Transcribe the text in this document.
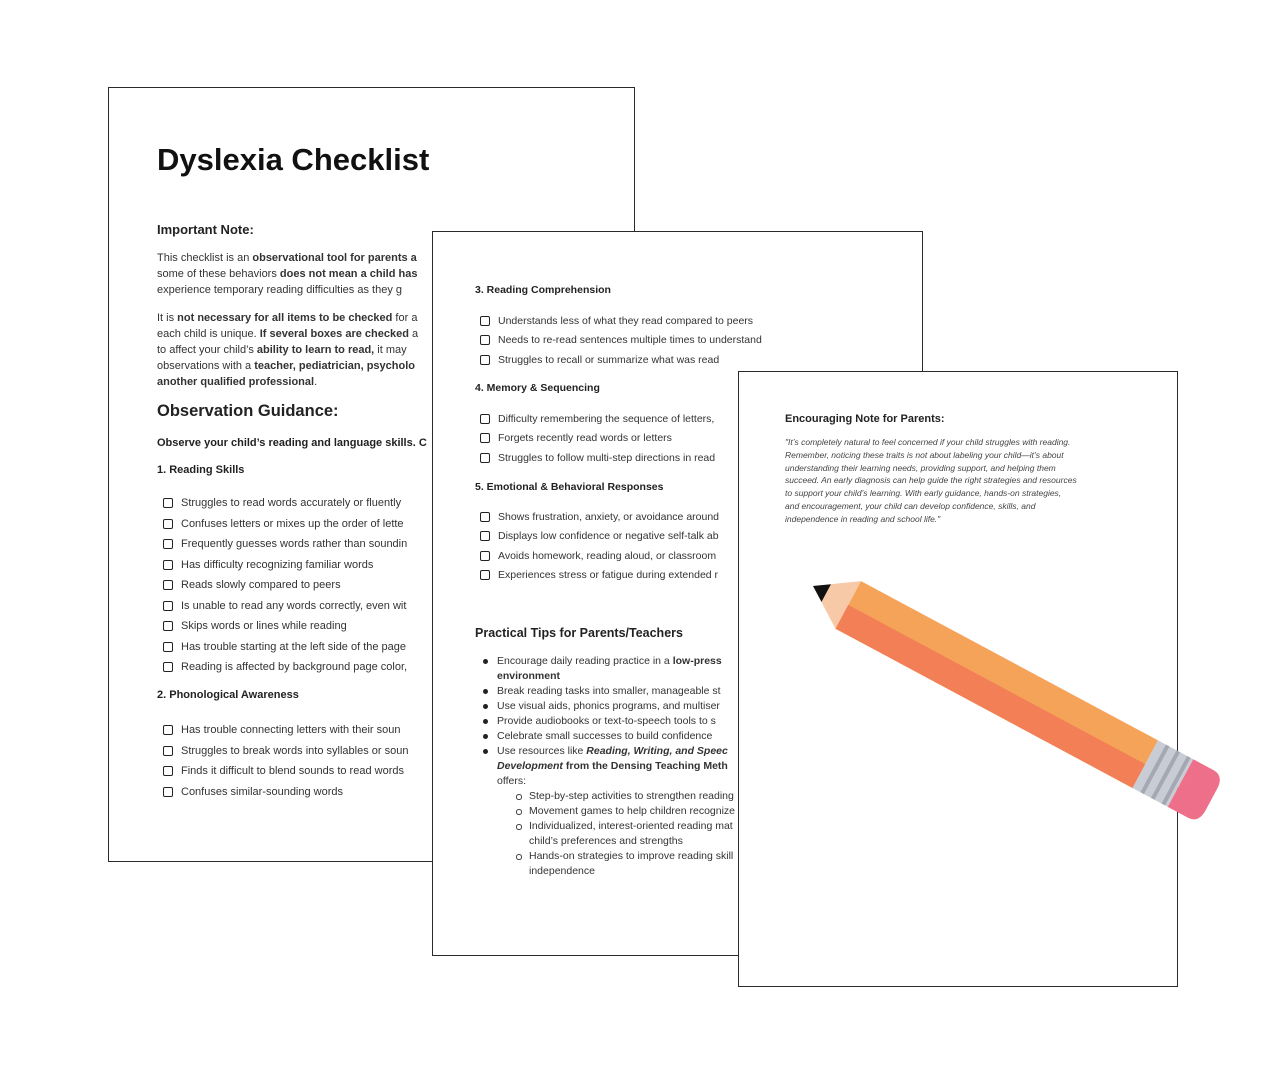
Dyslexia Checklist
Important Note:

This checklist is an observational tool for parents a

some of these behaviors does not mean a child has

experience temporary reading difficulties as they g

It is not necessary for all items to be checked for a

each child is unique. If several boxes are checked a

to affect your child’s ability to learn to read, it may

observations with a teacher, pediatrician, psycholo

another qualified professional.

Observation Guidance:
Observe your child’s reading and language skills. C
1. Reading Skills
Struggles to read words accurately or fluently
Confuses letters or mixes up the order of lette
Frequently guesses words rather than soundin
Has difficulty recognizing familiar words
Reads slowly compared to peers
Is unable to read any words correctly, even wit
Skips words or lines while reading
Has trouble starting at the left side of the page
Reading is affected by background page color,
2. Phonological Awareness
Has trouble connecting letters with their soun
Struggles to break words into syllables or soun
Finds it difficult to blend sounds to read words
Confuses similar-sounding words
3. Reading Comprehension
Understands less of what they read compared to peers
Needs to re-read sentences multiple times to understand
Struggles to recall or summarize what was read
4. Memory & Sequencing
Difficulty remembering the sequence of letters,
Forgets recently read words or letters
Struggles to follow multi-step directions in read
5. Emotional & Behavioral Responses
Shows frustration, anxiety, or avoidance around
Displays low confidence or negative self-talk ab
Avoids homework, reading aloud, or classroom
Experiences stress or fatigue during extended r
Practical Tips for Parents/Teachers
Encourage daily reading practice in a low-press
environment
Break reading tasks into smaller, manageable st
Use visual aids, phonics programs, and multiser
Provide audiobooks or text-to-speech tools to s
Celebrate small successes to build confidence
Use resources like Reading, Writing, and Speec
Development from the Densing Teaching Meth
offers:
Step-by-step activities to strengthen reading
Movement games to help children recognize
Individualized, interest-oriented reading mat
child’s preferences and strengths
Hands-on strategies to improve reading skill
independence
Encouraging Note for Parents:

"It’s completely natural to feel concerned if your child struggles with reading.

Remember, noticing these traits is not about labeling your child—it’s about

understanding their learning needs, providing support, and helping them

succeed. An early diagnosis can help guide the right strategies and resources

to support your child’s learning. With early guidance, hands-on strategies,

and encouragement, your child can develop confidence, skills, and

independence in reading and school life."
